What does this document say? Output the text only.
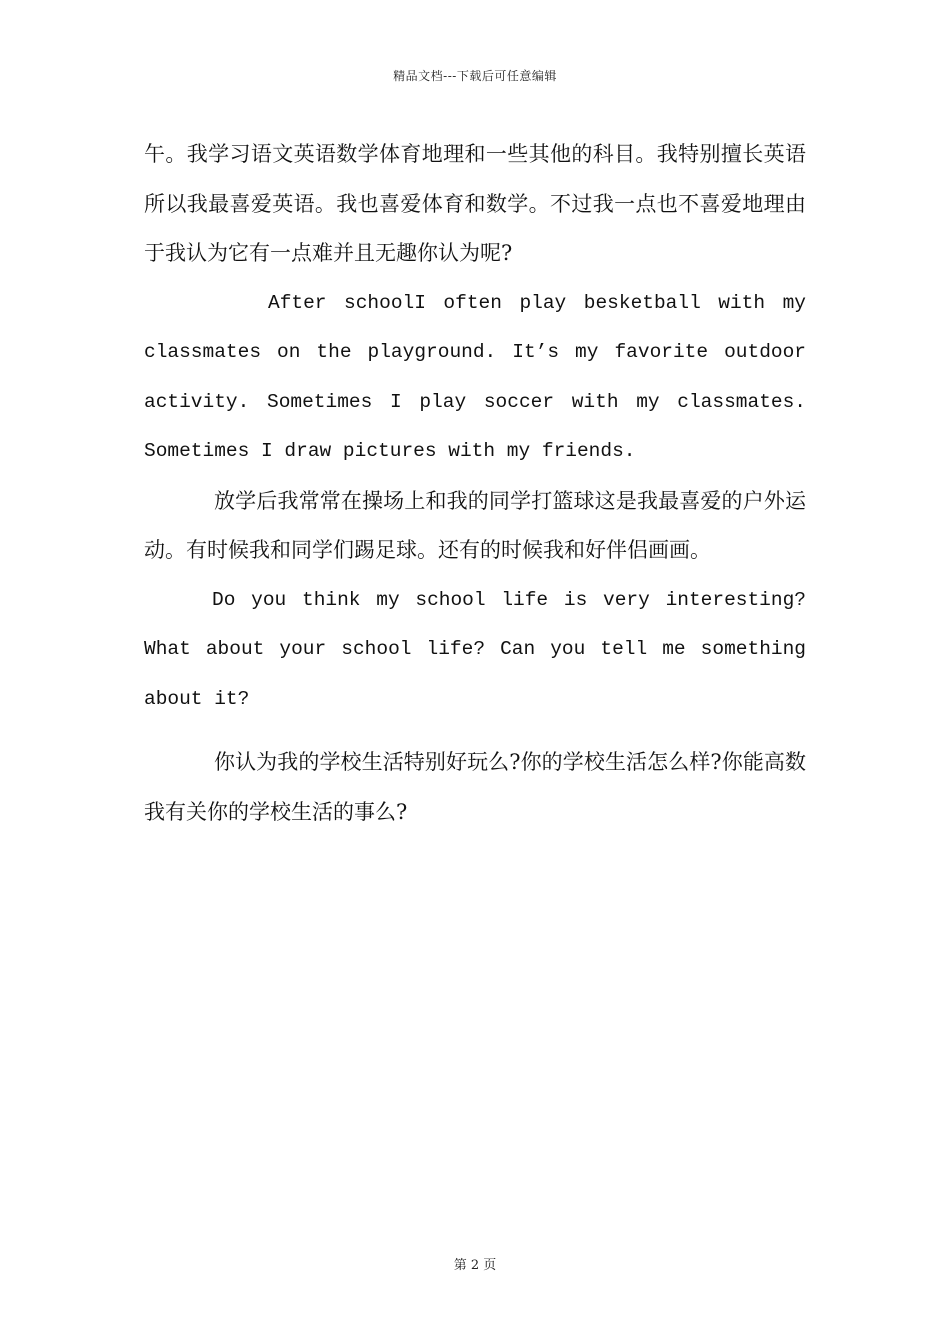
精品文档---下载后可任意编辑

午。我学习语文英语数学体育地理和一些其他的科目。我特别擅长英语所以我最喜爱英语。我也喜爱体育和数学。不过我一点也不喜爱地理由于我认为它有一点难并且无趣你认为呢?

After schoolI often play besketball with my classmates on the playground. It’s my favorite outdoor activity. Sometimes I play soccer with my classmates. Sometimes I draw pictures with my friends.

放学后我常常在操场上和我的同学打篮球这是我最喜爱的户外运动。有时候我和同学们踢足球。还有的时候我和好伴侣画画。

Do you think my school life is very interesting? What about your school life? Can you tell me something about it?

你认为我的学校生活特别好玩么?你的学校生活怎么样?你能高数我有关你的学校生活的事么?

第 2 页
